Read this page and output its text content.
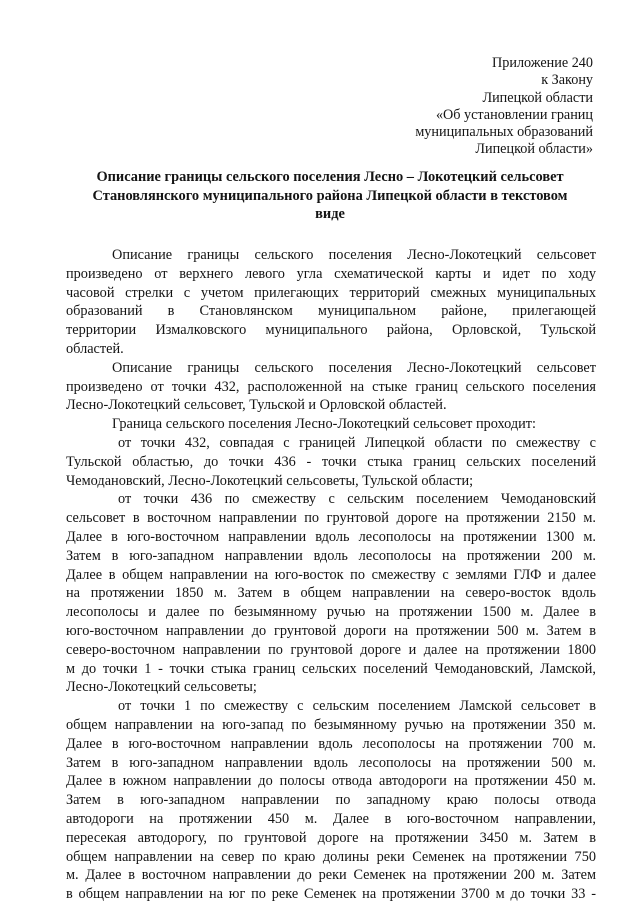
Приложение 240
к Закону
Липецкой области
«Об установлении границ
муниципальных образований
Липецкой области»
Описание границы сельского поселения Лесно – Локотецкий сельсовет
Становлянского муниципального района Липецкой области в текстовом
виде
Описание границы сельского поселения Лесно-Локотецкий сельсовет
произведено от верхнего левого угла схематической карты и идет по ходу
часовой стрелки с учетом прилегающих территорий смежных муниципальных
образований в Становлянском муниципальном районе, прилегающей
территории Измалковского муниципального района, Орловской, Тульской
областей.
Описание границы сельского поселения Лесно-Локотецкий сельсовет
произведено от точки 432, расположенной на стыке границ сельского поселения
Лесно-Локотецкий сельсовет, Тульской и Орловской областей.
Граница сельского поселения Лесно-Локотецкий сельсовет проходит:
от точки 432, совпадая с границей Липецкой области по смежеству с
Тульской областью, до точки 436 - точки стыка границ сельских поселений
Чемодановский, Лесно-Локотецкий сельсоветы, Тульской области;
от точки 436 по смежеству с сельским поселением Чемодановский
сельсовет в восточном направлении по грунтовой дороге на протяжении 2150 м.
Далее в юго-восточном направлении вдоль лесополосы на протяжении 1300 м.
Затем в юго-западном направлении вдоль лесополосы на протяжении 200 м.
Далее в общем направлении на юго-восток по смежеству с землями ГЛФ и далее
на протяжении 1850 м. Затем в общем направлении на северо-восток вдоль
лесополосы и далее по безымянному ручью на протяжении 1500 м. Далее в
юго-восточном направлении до грунтовой дороги на протяжении 500 м. Затем в
северо-восточном направлении по грунтовой дороге и далее на протяжении 1800
м до точки 1 - точки стыка границ сельских поселений Чемодановский, Ламской,
Лесно-Локотецкий сельсоветы;
от точки 1 по смежеству с сельским поселением Ламской сельсовет в
общем направлении на юго-запад по безымянному ручью на протяжении 350 м.
Далее в юго-восточном направлении вдоль лесополосы на протяжении 700 м.
Затем в юго-западном направлении вдоль лесополосы на протяжении 500 м.
Далее в южном направлении до полосы отвода автодороги на протяжении 450 м.
Затем в юго-западном направлении по западному краю полосы отвода
автодороги на протяжении 450 м. Далее в юго-восточном направлении,
пересекая автодорогу, по грунтовой дороге на протяжении 3450 м. Затем в
общем направлении на север по краю долины реки Семенек на протяжении 750
м. Далее в восточном направлении до реки Семенек на протяжении 200 м. Затем
в общем направлении на юг по реке Семенек на протяжении 3700 м до точки 33 -
